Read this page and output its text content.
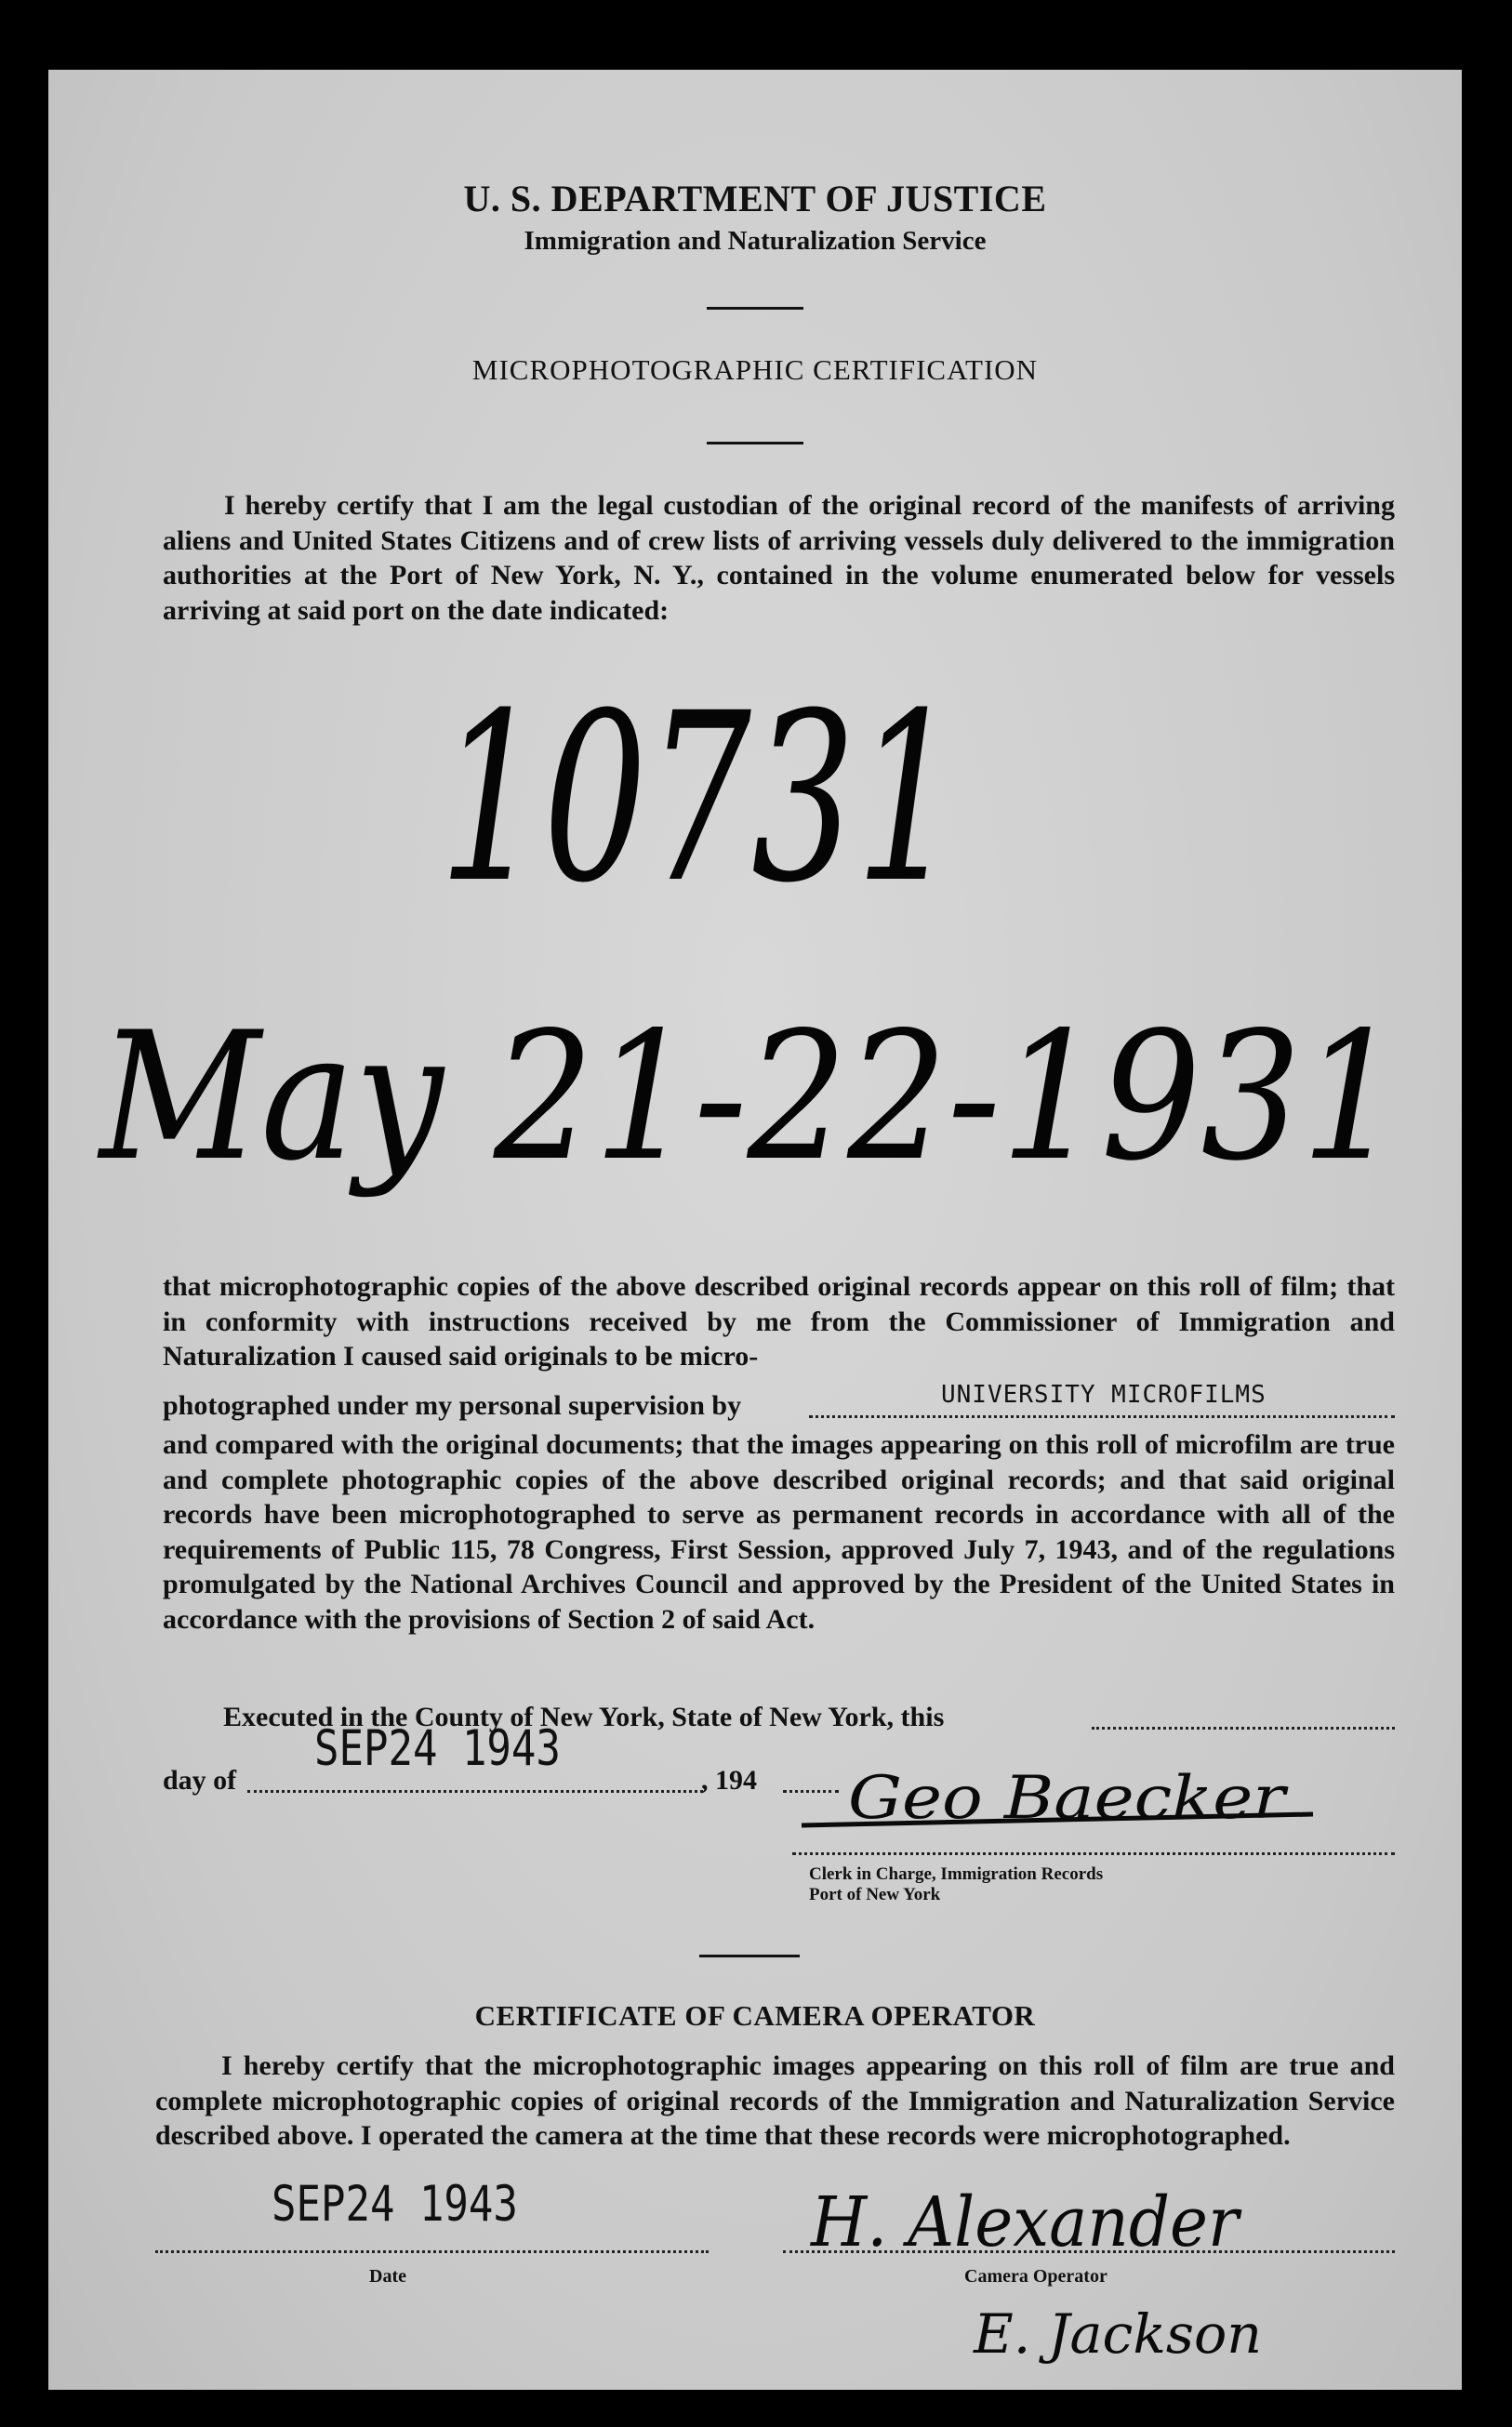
U. S. DEPARTMENT OF JUSTICE
Immigration and Naturalization Service
MICROPHOTOGRAPHIC CERTIFICATION

I hereby certify that I am the legal custodian of the original record of the manifests of arriving aliens and United States Citizens and of crew lists of arriving vessels duly delivered to the immigration authorities at the Port of New York, N. Y., contained in the volume enumerated below for vessels arriving at said port on the date indicated:

10731
May 21-22-1931

that microphotographic copies of the above described original records appear on this roll of film; that in conformity with instructions received by me from the Commissioner of Immigration and Naturalization I caused said originals to be micro-

photographed under my personal supervision by	UNIVERSITY MICROFILMS

and compared with the original documents; that the images appearing on this roll of microfilm are true and complete photographic copies of the above described original records; and that said original records have been microphotographed to serve as permanent records in accordance with all of the requirements of Public 115, 78 Congress, First Session, approved July 7, 1943, and of the regulations promulgated by the National Archives Council and approved by the President of the United States in accordance with the provisions of Section 2 of said Act.

Executed in the County of New York, State of New York, this
day of
SEP24 1943
, 194 Geo Baecker
Clerk in Charge, Immigration Records
Port of New York
CERTIFICATE OF CAMERA OPERATOR

I hereby certify that the microphotographic images appearing on this roll of film are true and complete microphotographic copies of original records of the Immigration and Naturalization Service described above. I operated the camera at the time that these records were microphotographed.

SEP24 1943
Date
H. Alexander
Camera Operator
E. Jackson
